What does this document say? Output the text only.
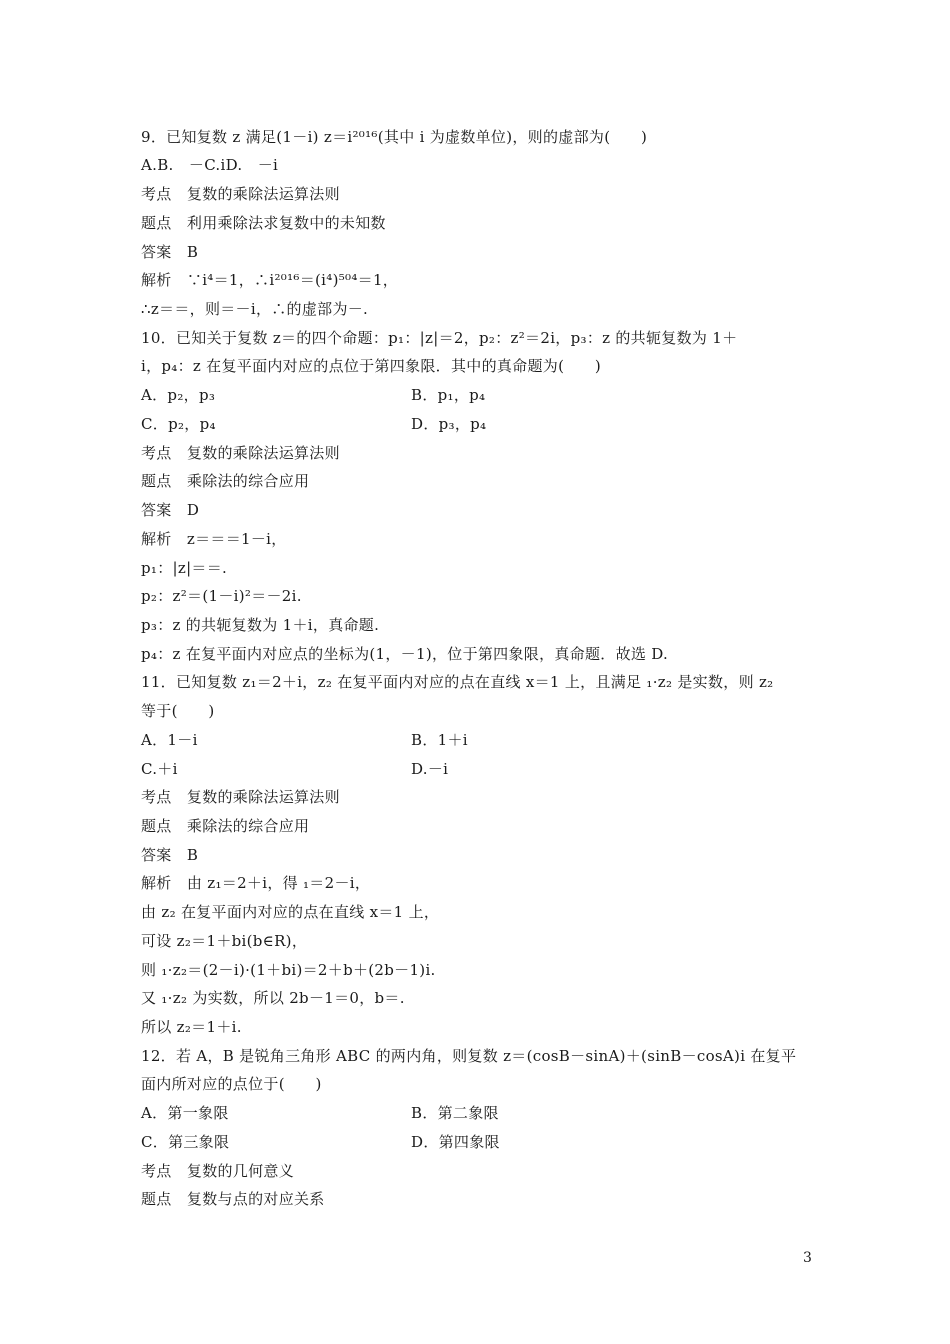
9．已知复数 z 满足(1－i) z＝i²⁰¹⁶(其中 i 为虚数单位)，则的虚部为(　　)
A.B.　－C.iD.　－i
考点　复数的乘除法运算法则
题点　利用乘除法求复数中的未知数
答案　B
解析　∵i⁴＝1，∴i²⁰¹⁶＝(i⁴)⁵⁰⁴＝1，
∴z＝＝，则＝－i，∴的虚部为－.
10．已知关于复数 z＝的四个命题：p₁：|z|＝2，p₂：z²＝2i，p₃：z 的共轭复数为 1＋
i，p₄：z 在复平面内对应的点位于第四象限．其中的真命题为(　　)
A．p₂，p₃
C．p₂，p₄
考点　复数的乘除法运算法则
题点　乘除法的综合应用
答案　D
解析　z＝＝＝1－i，
p₁：|z|＝＝.
p₂：z²＝(1－i)²＝－2i.
p₃：z 的共轭复数为 1＋i，真命题.
p₄：z 在复平面内对应点的坐标为(1，－1)，位于第四象限，真命题．故选 D.
11．已知复数 z₁＝2＋i，z₂ 在复平面内对应的点在直线 x＝1 上，且满足 ₁·z₂ 是实数，则 z₂
等于(　　)
A．1－i
C.＋i
考点　复数的乘除法运算法则
题点　乘除法的综合应用
答案　B
解析　由 z₁＝2＋i，得 ₁＝2－i，
由 z₂ 在复平面内对应的点在直线 x＝1 上，
可设 z₂＝1＋bi(b∈R)，
则 ₁·z₂＝(2－i)·(1＋bi)＝2＋b＋(2b－1)i.
又 ₁·z₂ 为实数，所以 2b－1＝0，b＝.
所以 z₂＝1＋i.
12．若 A，B 是锐角三角形 ABC 的两内角，则复数 z＝(cosB－sinA)＋(sinB－cosA)i 在复平
面内所对应的点位于(　　)
A．第一象限
C．第三象限
考点　复数的几何意义
题点　复数与点的对应关系
B．p₁，p₄
D．p₃，p₄
B．1＋i
D.－i
B．第二象限
D．第四象限
3
